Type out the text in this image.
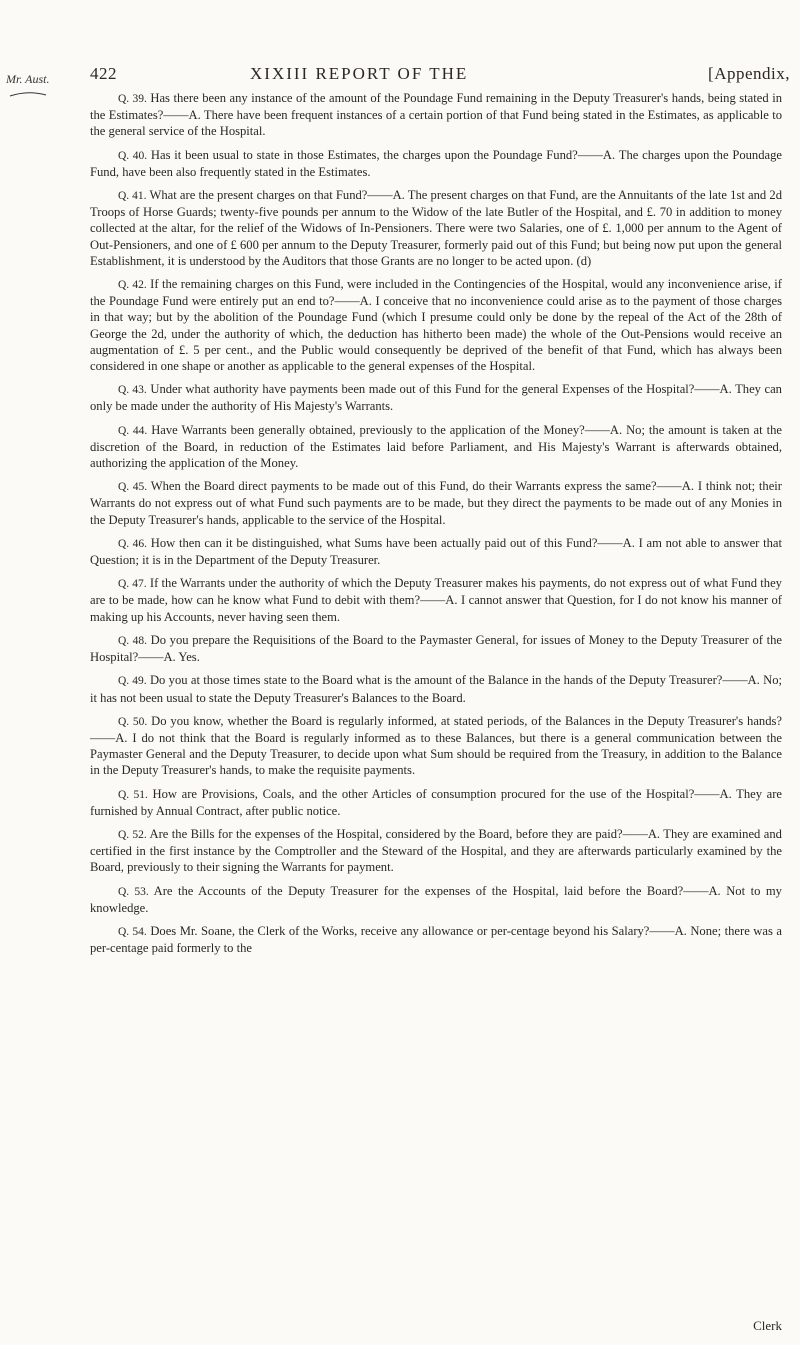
Mr. Aust. 422	XIXIII REPORT OF THE	[Appendix,

Q. 39. Has there been any instance of the amount of the Poundage Fund remaining in the Deputy Treasurer's hands, being stated in the Estimates?——A. There have been frequent instances of a certain portion of that Fund being stated in the Estimates, as applicable to the general service of the Hospital.

Q. 40. Has it been usual to state in those Estimates, the charges upon the Poundage Fund?——A. The charges upon the Poundage Fund, have been also frequently stated in the Estimates.

Q. 41. What are the present charges on that Fund?——A. The present charges on that Fund, are the Annuitants of the late 1st and 2d Troops of Horse Guards; twenty-five pounds per annum to the Widow of the late Butler of the Hospital, and £. 70 in addition to money collected at the altar, for the relief of the Widows of In-Pensioners. There were two Salaries, one of £. 1,000 per annum to the Agent of Out-Pensioners, and one of £ 600 per annum to the Deputy Treasurer, formerly paid out of this Fund; but being now put upon the general Establishment, it is understood by the Auditors that those Grants are no longer to be acted upon. (d)

Q. 42. If the remaining charges on this Fund, were included in the Contingencies of the Hospital, would any inconvenience arise, if the Poundage Fund were entirely put an end to?——A. I conceive that no inconvenience could arise as to the payment of those charges in that way; but by the abolition of the Poundage Fund (which I presume could only be done by the repeal of the Act of the 28th of George the 2d, under the authority of which, the deduction has hitherto been made) the whole of the Out-Pensions would receive an augmentation of £. 5 per cent., and the Public would consequently be deprived of the benefit of that Fund, which has always been considered in one shape or another as applicable to the general expenses of the Hospital.

Q. 43. Under what authority have payments been made out of this Fund for the general Expenses of the Hospital?——A. They can only be made under the authority of His Majesty's Warrants.

Q. 44. Have Warrants been generally obtained, previously to the application of the Money?——A. No; the amount is taken at the discretion of the Board, in reduction of the Estimates laid before Parliament, and His Majesty's Warrant is afterwards obtained, authorizing the application of the Money.

Q. 45. When the Board direct payments to be made out of this Fund, do their Warrants express the same?——A. I think not; their Warrants do not express out of what Fund such payments are to be made, but they direct the payments to be made out of any Monies in the Deputy Treasurer's hands, applicable to the service of the Hospital.

Q. 46. How then can it be distinguished, what Sums have been actually paid out of this Fund?——A. I am not able to answer that Question; it is in the Department of the Deputy Treasurer.

Q. 47. If the Warrants under the authority of which the Deputy Treasurer makes his payments, do not express out of what Fund they are to be made, how can he know what Fund to debit with them?——A. I cannot answer that Question, for I do not know his manner of making up his Accounts, never having seen them.

Q. 48. Do you prepare the Requisitions of the Board to the Paymaster General, for issues of Money to the Deputy Treasurer of the Hospital?——A. Yes.

Q. 49. Do you at those times state to the Board what is the amount of the Balance in the hands of the Deputy Treasurer?——A. No; it has not been usual to state the Deputy Treasurer's Balances to the Board.

Q. 50. Do you know, whether the Board is regularly informed, at stated periods, of the Balances in the Deputy Treasurer's hands?——A. I do not think that the Board is regularly informed as to these Balances, but there is a general communication between the Paymaster General and the Deputy Treasurer, to decide upon what Sum should be required from the Treasury, in addition to the Balance in the Deputy Treasurer's hands, to make the requisite payments.

Q. 51. How are Provisions, Coals, and the other Articles of consumption procured for the use of the Hospital?——A. They are furnished by Annual Contract, after public notice.

Q. 52. Are the Bills for the expenses of the Hospital, considered by the Board, before they are paid?——A. They are examined and certified in the first instance by the Comptroller and the Steward of the Hospital, and they are afterwards particularly examined by the Board, previously to their signing the Warrants for payment.

Q. 53. Are the Accounts of the Deputy Treasurer for the expenses of the Hospital, laid before the Board?——A. Not to my knowledge.

Q. 54. Does Mr. Soane, the Clerk of the Works, receive any allowance or per-centage beyond his Salary?——A. None; there was a per-centage paid formerly to the

Clerk
